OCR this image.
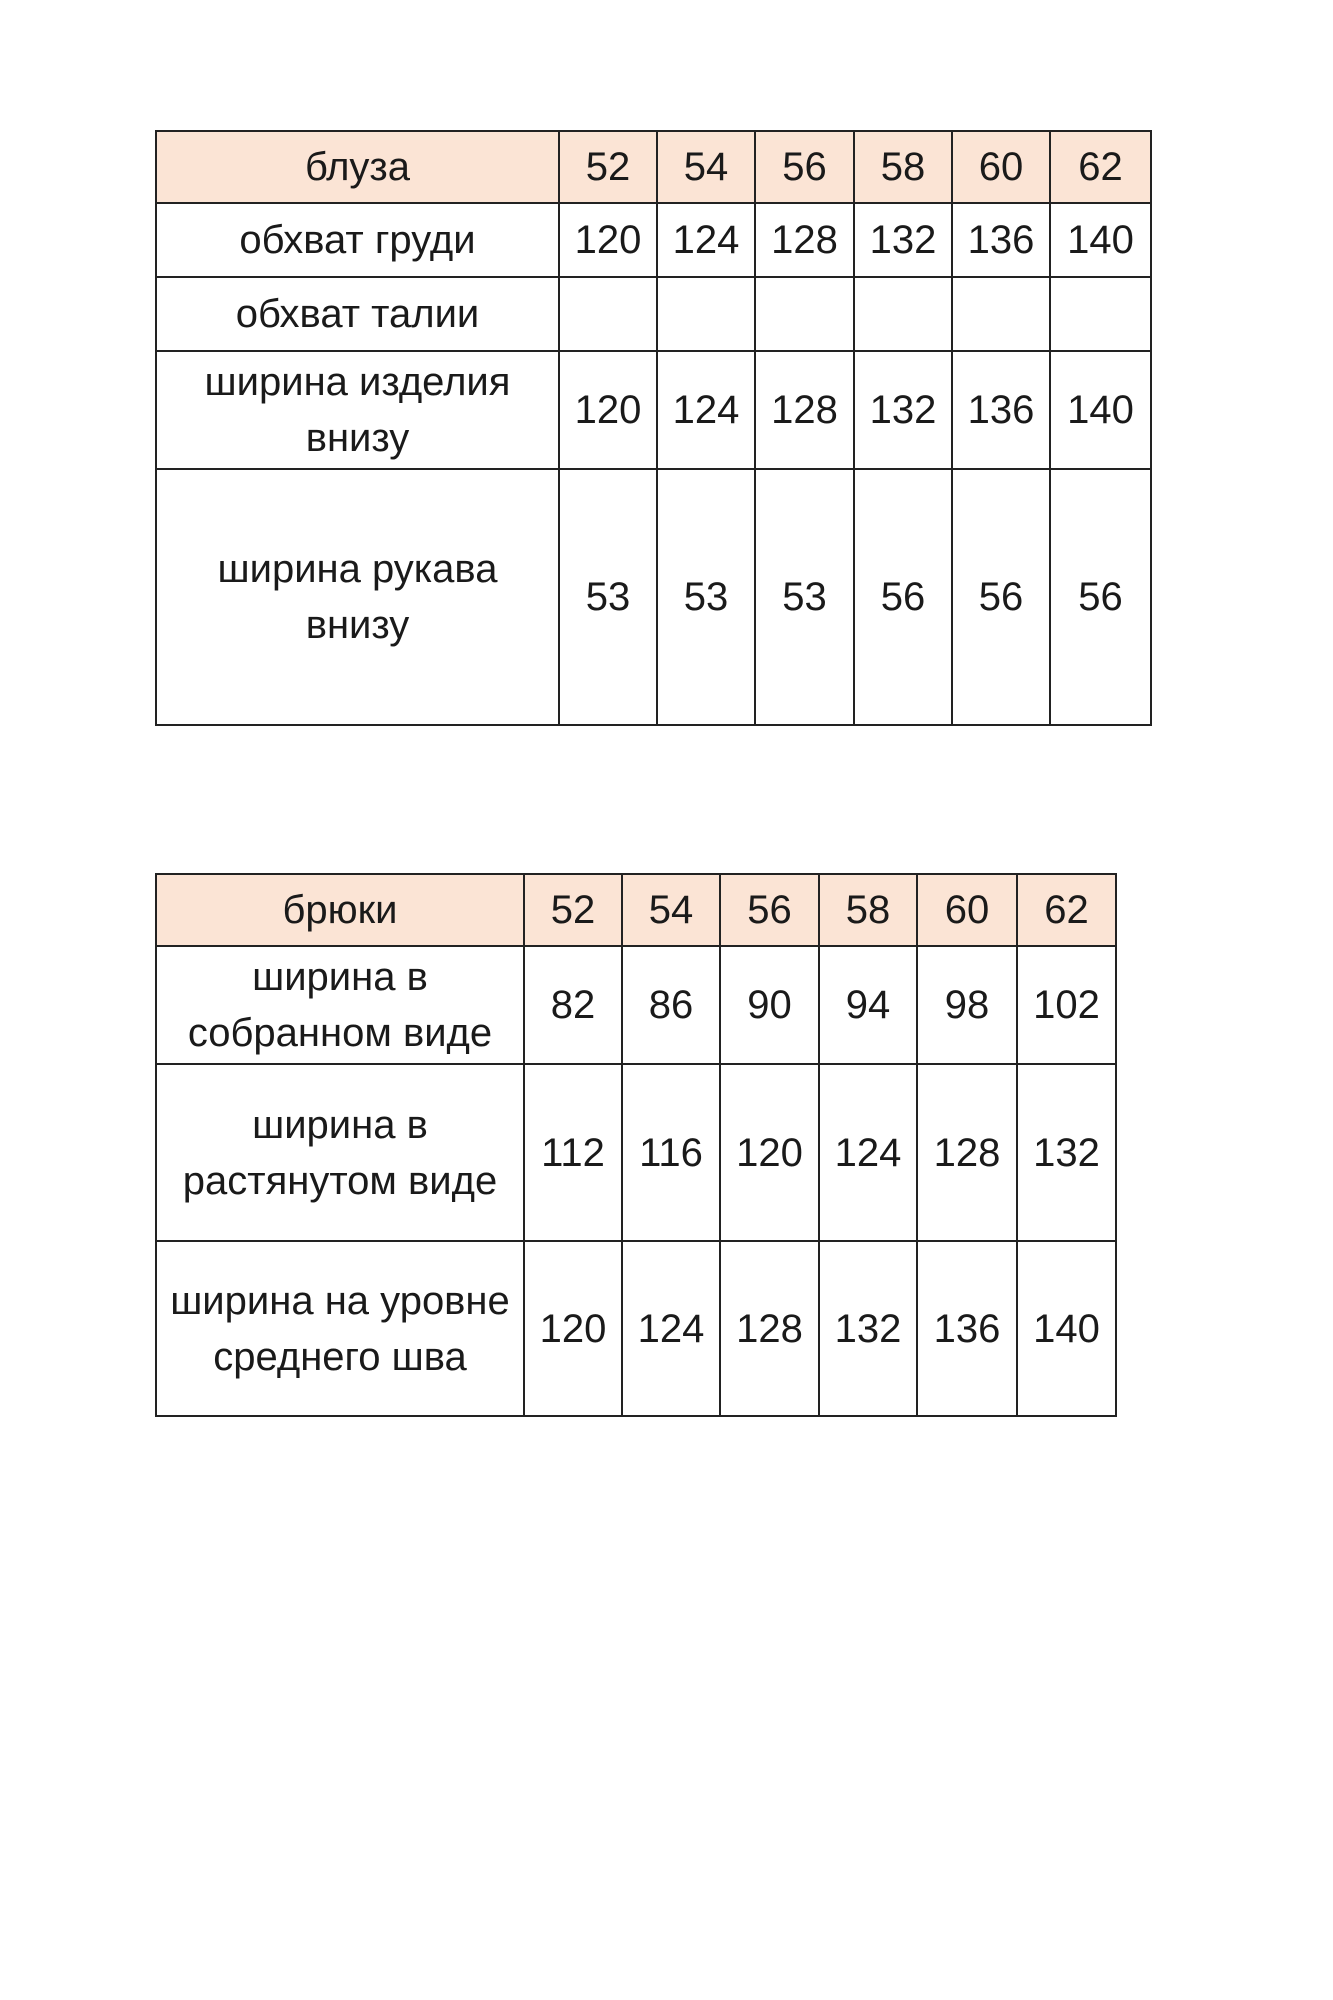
блуза	52	54	56	58	60	62
обхват груди	120	124	128	132	136	140
обхват талии						
ширина изделия внизу	120	124	128	132	136	140
ширина рукава внизу	53	53	53	56	56	56
брюки	52	54	56	58	60	62
ширина в собранном виде	82	86	90	94	98	102
ширина в растянутом виде	112	116	120	124	128	132
ширина на уровне среднего шва	120	124	128	132	136	140
